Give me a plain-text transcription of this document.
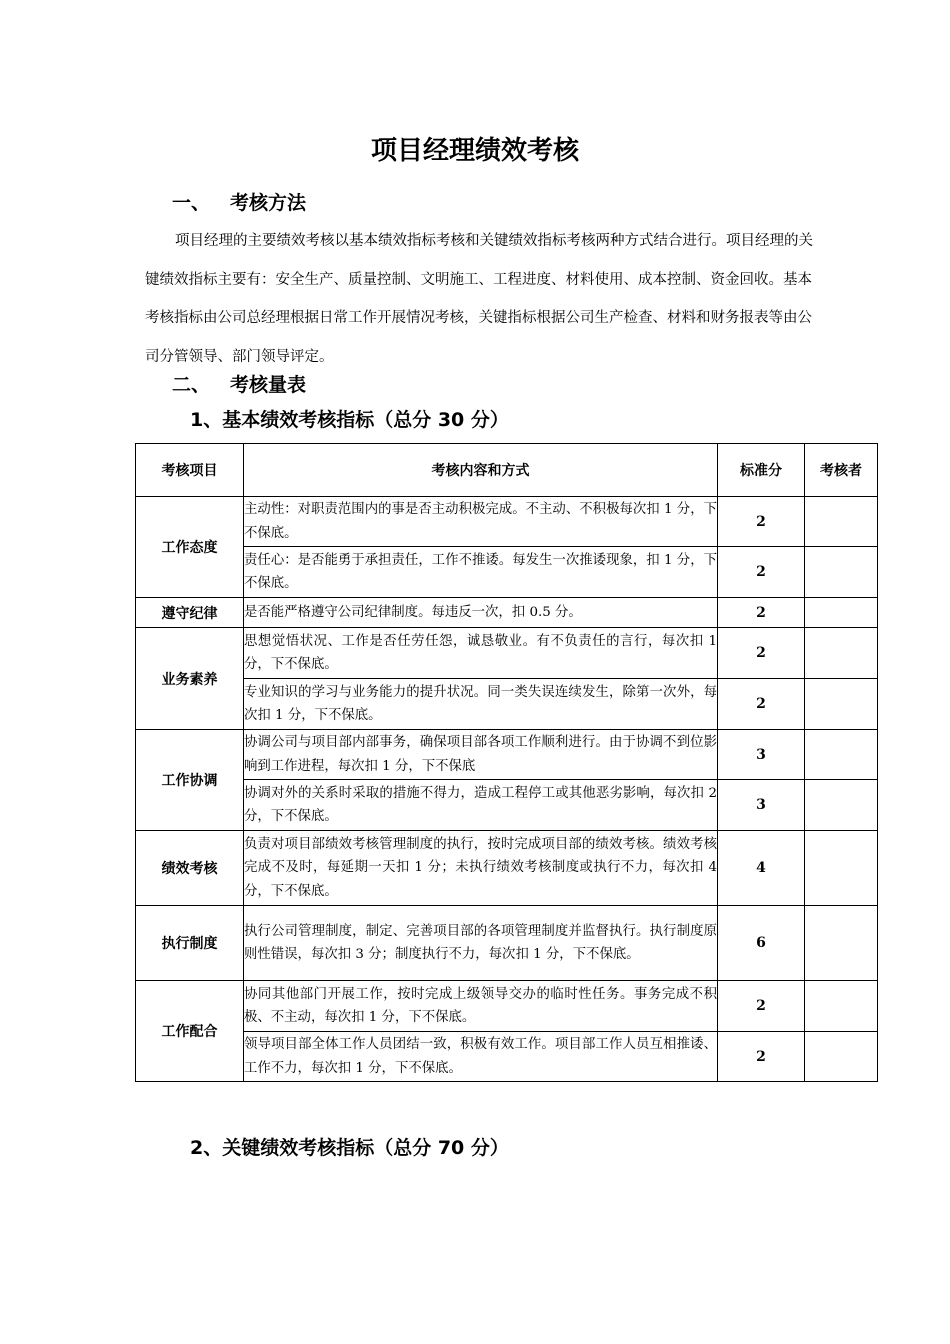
项目经理绩效考核
一、 考核方法

项目经理的主要绩效考核以基本绩效指标考核和关键绩效指标考核两种方式结合进行。项目经理的关键绩效指标主要有：安全生产、质量控制、文明施工、工程进度、材料使用、成本控制、资金回收。基本考核指标由公司总经理根据日常工作开展情况考核，关键指标根据公司生产检查、材料和财务报表等由公司分管领导、部门领导评定。

二、 考核量表
1、基本绩效考核指标（总分 30 分）
考核项目	考核内容和方式	标准分	考核者
工作态度	主动性：对职责范围内的事是否主动积极完成。不主动、不积极每次扣 1 分，下不保底。	2	
	责任心：是否能勇于承担责任，工作不推诿。每发生一次推诿现象，扣 1 分，下不保底。	2	
遵守纪律	是否能严格遵守公司纪律制度。每违反一次，扣 0.5 分。	2	
业务素养	思想觉悟状况、工作是否任劳任怨，诚恳敬业。有不负责任的言行，每次扣 1 分，下不保底。	2	
	专业知识的学习与业务能力的提升状况。同一类失误连续发生，除第一次外，每次扣 1 分，下不保底。	2	
工作协调	协调公司与项目部内部事务，确保项目部各项工作顺利进行。由于协调不到位影响到工作进程，每次扣 1 分，下不保底	3	
	协调对外的关系时采取的措施不得力，造成工程停工或其他恶劣影响，每次扣 2 分，下不保底。	3	
绩效考核	负责对项目部绩效考核管理制度的执行，按时完成项目部的绩效考核。绩效考核完成不及时，每延期一天扣 1 分；未执行绩效考核制度或执行不力，每次扣 4 分，下不保底。	4	
执行制度	执行公司管理制度，制定、完善项目部的各项管理制度并监督执行。执行制度原则性错误，每次扣 3 分；制度执行不力，每次扣 1 分，下不保底。	6	
工作配合	协同其他部门开展工作，按时完成上级领导交办的临时性任务。事务完成不积极、不主动，每次扣 1 分，下不保底。	2	
	领导项目部全体工作人员团结一致，积极有效工作。项目部工作人员互相推诿、工作不力，每次扣 1 分，下不保底。	2	
2、关键绩效考核指标（总分 70 分）
